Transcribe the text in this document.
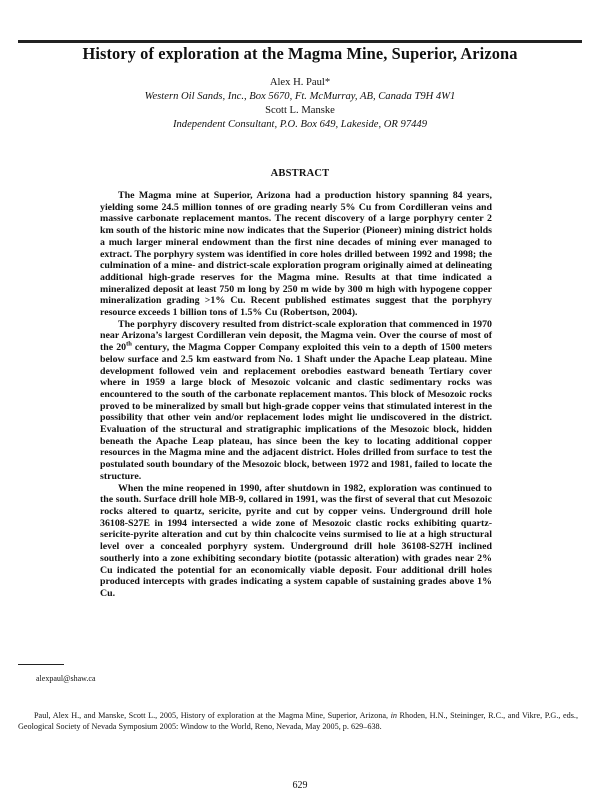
History of exploration at the Magma Mine, Superior, Arizona
Alex H. Paul*
Western Oil Sands, Inc., Box 5670, Ft. McMurray, AB, Canada T9H 4W1
Scott L. Manske
Independent Consultant, P.O. Box 649, Lakeside, OR 97449
ABSTRACT

The Magma mine at Superior, Arizona had a production history spanning 84 years, yielding some 24.5 million tonnes of ore grading nearly 5% Cu from Cordilleran veins and massive carbonate replacement mantos. The recent discovery of a large porphyry center 2 km south of the historic mine now indicates that the Superior (Pioneer) mining district holds a much larger mineral endowment than the first nine decades of mining ever managed to extract. The porphyry system was identified in core holes drilled between 1992 and 1998; the culmination of a mine- and district-scale exploration program originally aimed at delineating additional high-grade reserves for the Magma mine. Results at that time indicated a mineralized deposit at least 750 m long by 250 m wide by 300 m high with hypogene copper mineralization grading >1% Cu. Recent published estimates suggest that the porphyry resource exceeds 1 billion tons of 1.5% Cu (Robertson, 2004).

The porphyry discovery resulted from district-scale exploration that commenced in 1970 near Arizona’s largest Cordilleran vein deposit, the Magma vein. Over the course of most of the 20th century, the Magma Copper Company exploited this vein to a depth of 1500 meters below surface and 2.5 km eastward from No. 1 Shaft under the Apache Leap plateau. Mine development followed vein and replacement orebodies eastward beneath Tertiary cover where in 1959 a large block of Mesozoic volcanic and clastic sedimentary rocks was encountered to the south of the carbonate replacement mantos. This block of Mesozoic rocks proved to be mineralized by small but high-grade copper veins that stimulated interest in the possibility that other vein and/or replacement lodes might lie undiscovered in the district. Evaluation of the structural and stratigraphic implications of the Mesozoic block, hidden beneath the Apache Leap plateau, has since been the key to locating additional copper resources in the Magma mine and the adjacent district. Holes drilled from surface to test the postulated south boundary of the Mesozoic block, between 1972 and 1981, failed to locate the structure.

When the mine reopened in 1990, after shutdown in 1982, exploration was continued to the south. Surface drill hole MB-9, collared in 1991, was the first of several that cut Mesozoic rocks altered to quartz, sericite, pyrite and cut by copper veins. Underground drill hole 36108-S27E in 1994 intersected a wide zone of Mesozoic clastic rocks exhibiting quartz-sericite-pyrite alteration and cut by thin chalcocite veins surmised to lie at a high structural level over a concealed porphyry system. Underground drill hole 36108-S27H inclined southerly into a zone exhibiting secondary biotite (potassic alteration) with grades near 2% Cu indicated the potential for an economically viable deposit. Four additional drill holes produced intercepts with grades indicating a system capable of sustaining grades above 1% Cu.

alexpaul@shaw.ca
Paul, Alex H., and Manske, Scott L., 2005, History of exploration at the Magma Mine, Superior, Arizona, in Rhoden, H.N., Steininger, R.C., and Vikre, P.G., eds., Geological Society of Nevada Symposium 2005: Window to the World, Reno, Nevada, May 2005, p. 629–638.
629
